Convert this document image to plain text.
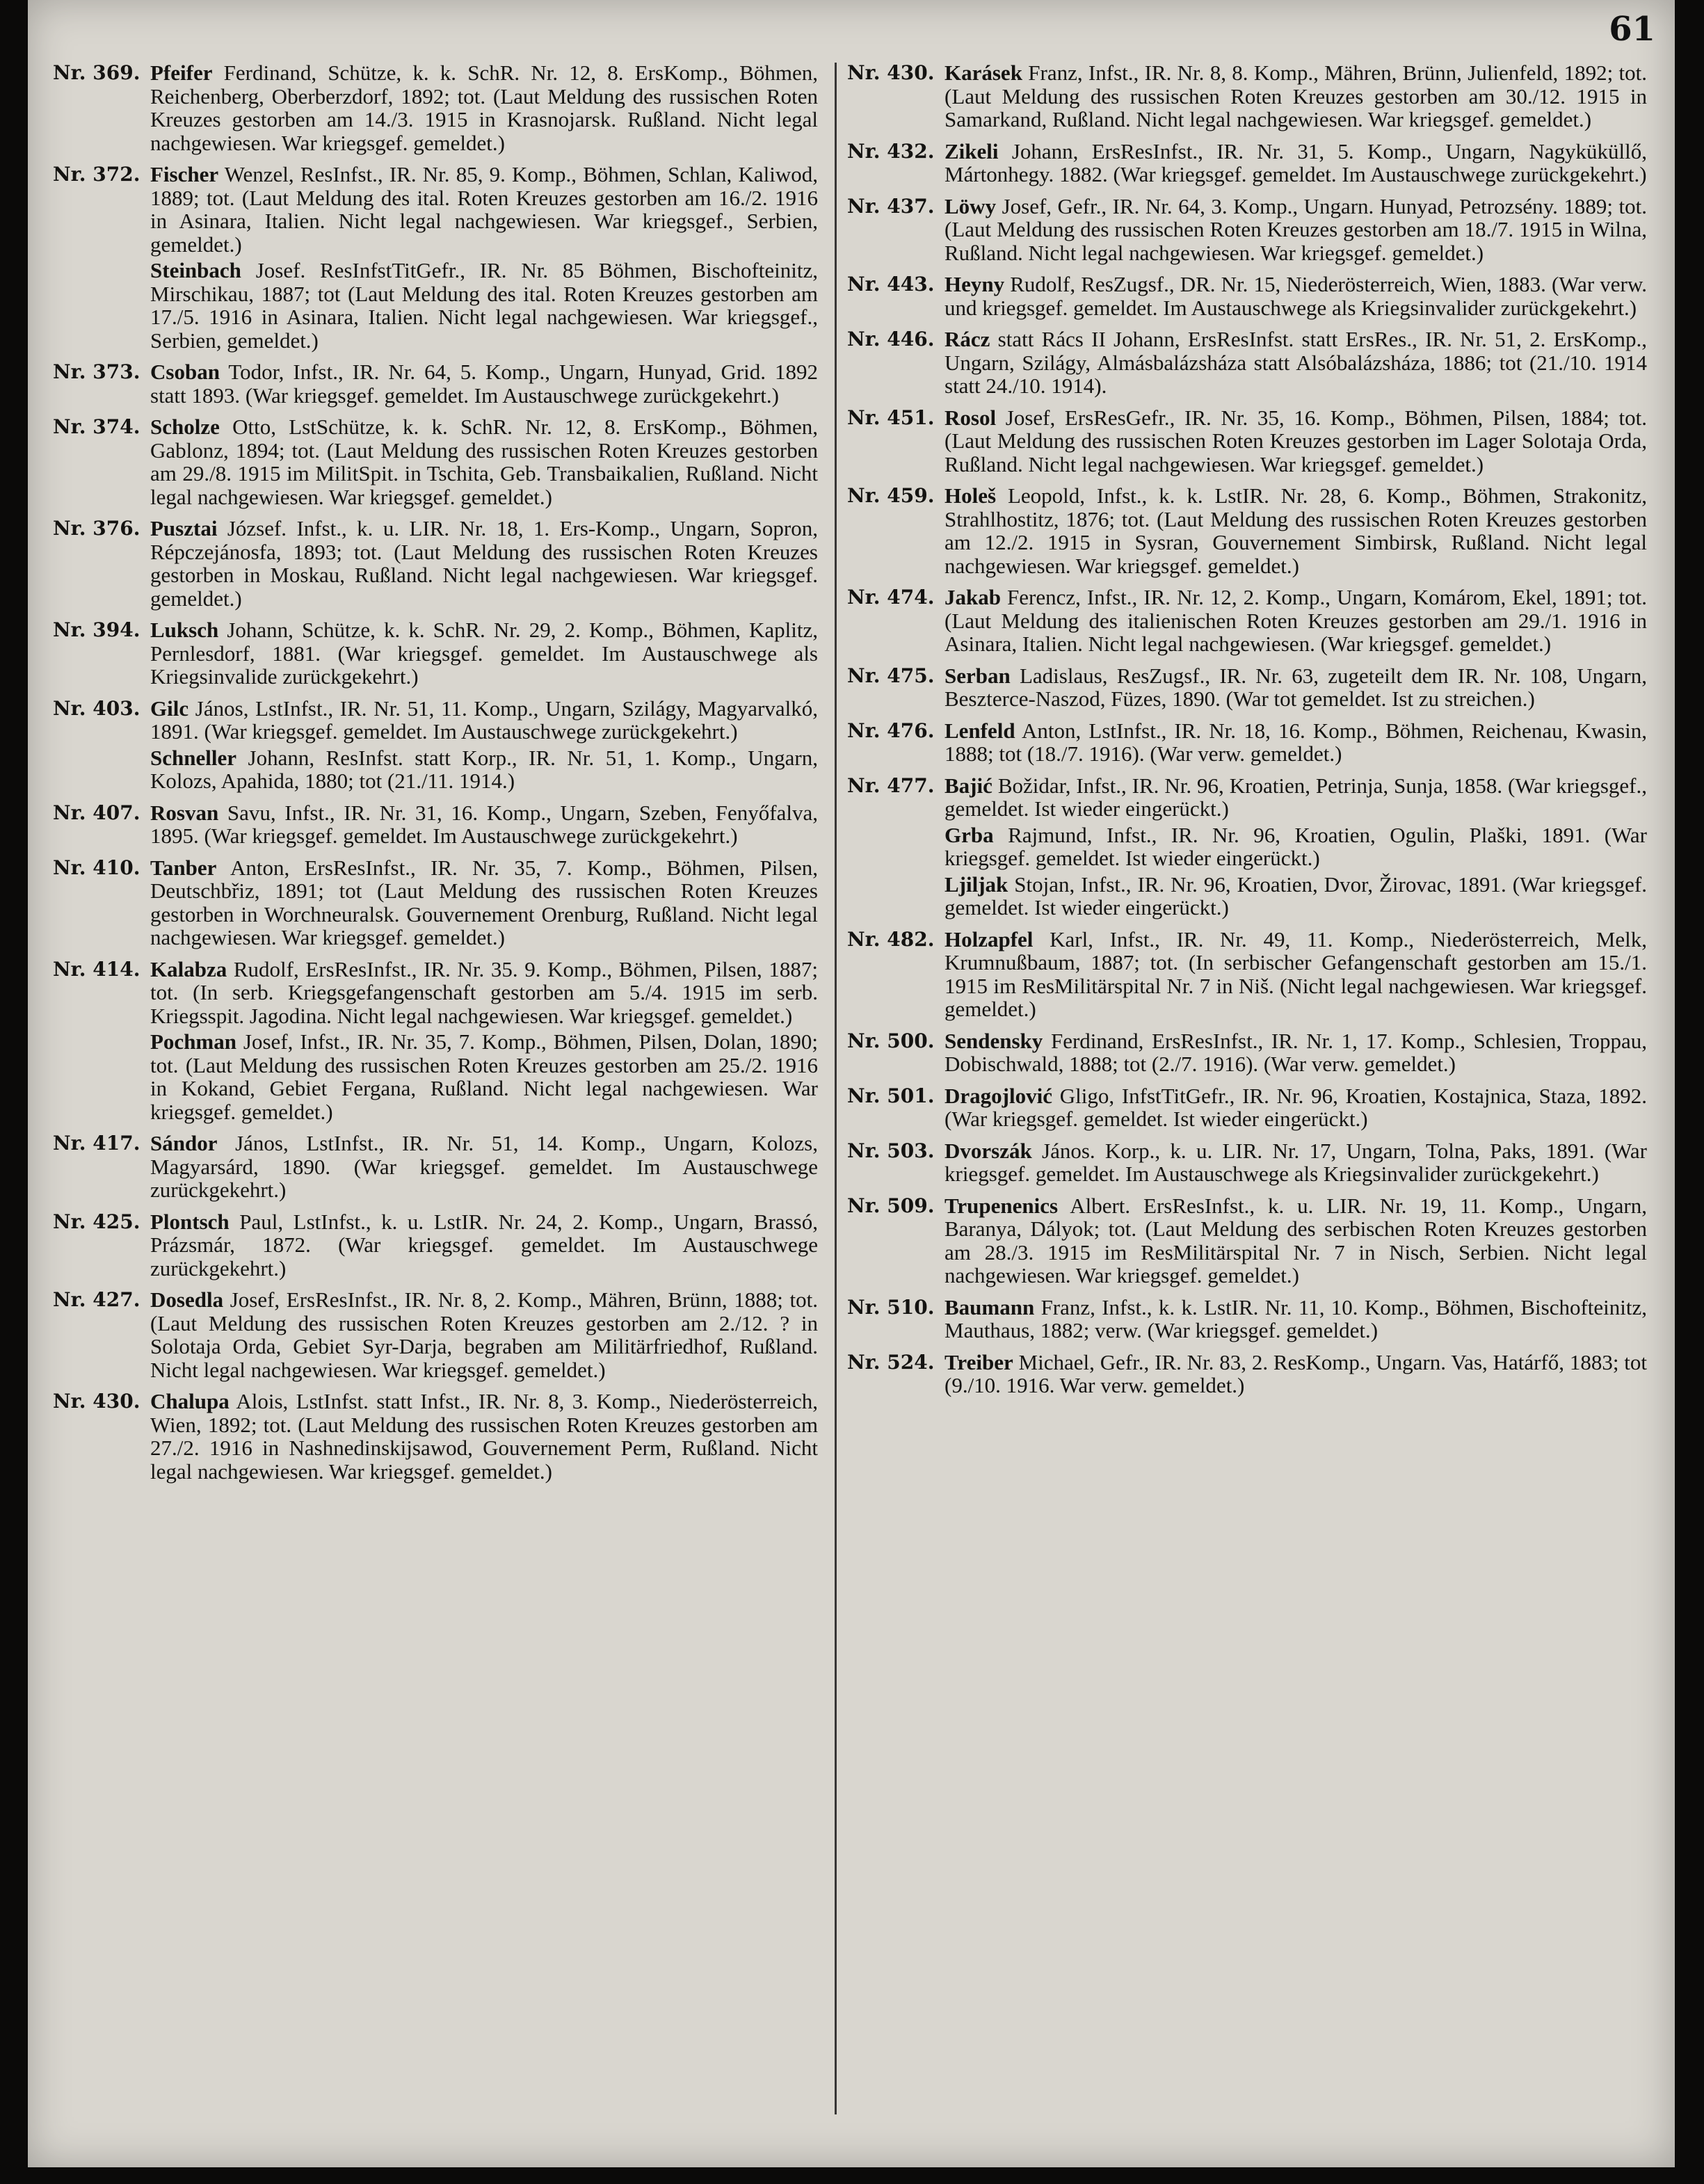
61

Nr. 369. Pfeifer Ferdinand, Schütze, k. k. SchR. Nr. 12, 8. ErsKomp., Böhmen, Reichenberg, Oberberzdorf, 1892; tot. (Laut Meldung des russischen Roten Kreuzes gestorben am 14./3. 1915 in Krasnojarsk. Rußland. Nicht legal nachgewiesen. War kriegsgef. gemeldet.)

Nr. 372. Fischer Wenzel, ResInfst., IR. Nr. 85, 9. Komp., Böhmen, Schlan, Kaliwod, 1889; tot. (Laut Meldung des ital. Roten Kreuzes gestorben am 16./2. 1916 in Asinara, Italien. Nicht legal nachgewiesen. War kriegsgef., Serbien, gemeldet.)

Steinbach Josef. ResInfstTitGefr., IR. Nr. 85 Böhmen, Bischofteinitz, Mirschikau, 1887; tot (Laut Meldung des ital. Roten Kreuzes gestorben am 17./5. 1916 in Asinara, Italien. Nicht legal nachgewiesen. War kriegsgef., Serbien, gemeldet.)

Nr. 373. Csoban Todor, Infst., IR. Nr. 64, 5. Komp., Ungarn, Hunyad, Grid. 1892 statt 1893. (War kriegsgef. gemeldet. Im Austauschwege zurückgekehrt.)

Nr. 374. Scholze Otto, LstSchütze, k. k. SchR. Nr. 12, 8. ErsKomp., Böhmen, Gablonz, 1894; tot. (Laut Meldung des russischen Roten Kreuzes gestorben am 29./8. 1915 im MilitSpit. in Tschita, Geb. Transbaikalien, Rußland. Nicht legal nachgewiesen. War kriegsgef. gemeldet.)

Nr. 376. Pusztai József. Infst., k. u. LIR. Nr. 18, 1. Ers-Komp., Ungarn, Sopron, Répczejánosfa, 1893; tot. (Laut Meldung des russischen Roten Kreuzes gestorben in Moskau, Rußland. Nicht legal nachgewiesen. War kriegsgef. gemeldet.)

Nr. 394. Luksch Johann, Schütze, k. k. SchR. Nr. 29, 2. Komp., Böhmen, Kaplitz, Pernlesdorf, 1881. (War kriegsgef. gemeldet. Im Austauschwege als Kriegsinvalide zurückgekehrt.)

Nr. 403. Gilc János, LstInfst., IR. Nr. 51, 11. Komp., Ungarn, Szilágy, Magyarvalkó, 1891. (War kriegsgef. gemeldet. Im Austauschwege zurückgekehrt.)

Schneller Johann, ResInfst. statt Korp., IR. Nr. 51, 1. Komp., Ungarn, Kolozs, Apahida, 1880; tot (21./11. 1914.)

Nr. 407. Rosvan Savu, Infst., IR. Nr. 31, 16. Komp., Ungarn, Szeben, Fenyőfalva, 1895. (War kriegsgef. gemeldet. Im Austauschwege zurückgekehrt.)

Nr. 410. Tanber Anton, ErsResInfst., IR. Nr. 35, 7. Komp., Böhmen, Pilsen, Deutschbřiz, 1891; tot (Laut Meldung des russischen Roten Kreuzes gestorben in Worchneuralsk. Gouvernement Orenburg, Rußland. Nicht legal nachgewiesen. War kriegsgef. gemeldet.)

Nr. 414. Kalabza Rudolf, ErsResInfst., IR. Nr. 35. 9. Komp., Böhmen, Pilsen, 1887; tot. (In serb. Kriegsgefangenschaft gestorben am 5./4. 1915 im serb. Kriegsspit. Jagodina. Nicht legal nachgewiesen. War kriegsgef. gemeldet.)

Pochman Josef, Infst., IR. Nr. 35, 7. Komp., Böhmen, Pilsen, Dolan, 1890; tot. (Laut Meldung des russischen Roten Kreuzes gestorben am 25./2. 1916 in Kokand, Gebiet Fergana, Rußland. Nicht legal nachgewiesen. War kriegsgef. gemeldet.)

Nr. 417. Sándor János, LstInfst., IR. Nr. 51, 14. Komp., Ungarn, Kolozs, Magyarsárd, 1890. (War kriegsgef. gemeldet. Im Austauschwege zurückgekehrt.)

Nr. 425. Plontsch Paul, LstInfst., k. u. LstIR. Nr. 24, 2. Komp., Ungarn, Brassó, Prázsmár, 1872. (War kriegsgef. gemeldet. Im Austauschwege zurückgekehrt.)

Nr. 427. Dosedla Josef, ErsResInfst., IR. Nr. 8, 2. Komp., Mähren, Brünn, 1888; tot. (Laut Meldung des russischen Roten Kreuzes gestorben am 2./12. ? in Solotaja Orda, Gebiet Syr-Darja, begraben am Militärfriedhof, Rußland. Nicht legal nachgewiesen. War kriegsgef. gemeldet.)

Nr. 430. Chalupa Alois, LstInfst. statt Infst., IR. Nr. 8, 3. Komp., Niederösterreich, Wien, 1892; tot. (Laut Meldung des russischen Roten Kreuzes gestorben am 27./2. 1916 in Nashnedinskijsawod, Gouvernement Perm, Rußland. Nicht legal nachgewiesen. War kriegsgef. gemeldet.)

Nr. 430. Karásek Franz, Infst., IR. Nr. 8, 8. Komp., Mähren, Brünn, Julienfeld, 1892; tot. (Laut Meldung des russischen Roten Kreuzes gestorben am 30./12. 1915 in Samarkand, Rußland. Nicht legal nachgewiesen. War kriegsgef. gemeldet.)

Nr. 432. Zikeli Johann, ErsResInfst., IR. Nr. 31, 5. Komp., Ungarn, Nagyküküllő, Mártonhegy. 1882. (War kriegsgef. gemeldet. Im Austauschwege zurückgekehrt.)

Nr. 437. Löwy Josef, Gefr., IR. Nr. 64, 3. Komp., Ungarn. Hunyad, Petrozsény. 1889; tot. (Laut Meldung des russischen Roten Kreuzes gestorben am 18./7. 1915 in Wilna, Rußland. Nicht legal nachgewiesen. War kriegsgef. gemeldet.)

Nr. 443. Heyny Rudolf, ResZugsf., DR. Nr. 15, Niederösterreich, Wien, 1883. (War verw. und kriegsgef. gemeldet. Im Austauschwege als Kriegsinvalider zurückgekehrt.)

Nr. 446. Rácz statt Rács II Johann, ErsResInfst. statt ErsRes., IR. Nr. 51, 2. ErsKomp., Ungarn, Szilágy, Almásbalázsháza statt Alsóbalázsháza, 1886; tot (21./10. 1914 statt 24./10. 1914).

Nr. 451. Rosol Josef, ErsResGefr., IR. Nr. 35, 16. Komp., Böhmen, Pilsen, 1884; tot. (Laut Meldung des russischen Roten Kreuzes gestorben im Lager Solotaja Orda, Rußland. Nicht legal nachgewiesen. War kriegsgef. gemeldet.)

Nr. 459. Holeš Leopold, Infst., k. k. LstIR. Nr. 28, 6. Komp., Böhmen, Strakonitz, Strahlhostitz, 1876; tot. (Laut Meldung des russischen Roten Kreuzes gestorben am 12./2. 1915 in Sysran, Gouvernement Simbirsk, Rußland. Nicht legal nachgewiesen. War kriegsgef. gemeldet.)

Nr. 474. Jakab Ferencz, Infst., IR. Nr. 12, 2. Komp., Ungarn, Komárom, Ekel, 1891; tot. (Laut Meldung des italienischen Roten Kreuzes gestorben am 29./1. 1916 in Asinara, Italien. Nicht legal nachgewiesen. (War kriegsgef. gemeldet.)

Nr. 475. Serban Ladislaus, ResZugsf., IR. Nr. 63, zugeteilt dem IR. Nr. 108, Ungarn, Beszterce-Naszod, Füzes, 1890. (War tot gemeldet. Ist zu streichen.)

Nr. 476. Lenfeld Anton, LstInfst., IR. Nr. 18, 16. Komp., Böhmen, Reichenau, Kwasin, 1888; tot (18./7. 1916). (War verw. gemeldet.)

Nr. 477. Bajić Božidar, Infst., IR. Nr. 96, Kroatien, Petrinja, Sunja, 1858. (War kriegsgef., gemeldet. Ist wieder eingerückt.)

Grba Rajmund, Infst., IR. Nr. 96, Kroatien, Ogulin, Plaški, 1891. (War kriegsgef. gemeldet. Ist wieder eingerückt.)

Ljiljak Stojan, Infst., IR. Nr. 96, Kroatien, Dvor, Žirovac, 1891. (War kriegsgef. gemeldet. Ist wieder eingerückt.)

Nr. 482. Holzapfel Karl, Infst., IR. Nr. 49, 11. Komp., Niederösterreich, Melk, Krumnußbaum, 1887; tot. (In serbischer Gefangenschaft gestorben am 15./1. 1915 im ResMilitärspital Nr. 7 in Niš. (Nicht legal nachgewiesen. War kriegsgef. gemeldet.)

Nr. 500. Sendensky Ferdinand, ErsResInfst., IR. Nr. 1, 17. Komp., Schlesien, Troppau, Dobischwald, 1888; tot (2./7. 1916). (War verw. gemeldet.)

Nr. 501. Dragojlović Gligo, InfstTitGefr., IR. Nr. 96, Kroatien, Kostajnica, Staza, 1892. (War kriegsgef. gemeldet. Ist wieder eingerückt.)

Nr. 503. Dvorszák János. Korp., k. u. LIR. Nr. 17, Ungarn, Tolna, Paks, 1891. (War kriegsgef. gemeldet. Im Austauschwege als Kriegsinvalider zurückgekehrt.)

Nr. 509. Trupenenics Albert. ErsResInfst., k. u. LIR. Nr. 19, 11. Komp., Ungarn, Baranya, Dályok; tot. (Laut Meldung des serbischen Roten Kreuzes gestorben am 28./3. 1915 im ResMilitärspital Nr. 7 in Nisch, Serbien. Nicht legal nachgewiesen. War kriegsgef. gemeldet.)

Nr. 510. Baumann Franz, Infst., k. k. LstIR. Nr. 11, 10. Komp., Böhmen, Bischofteinitz, Mauthaus, 1882; verw. (War kriegsgef. gemeldet.)

Nr. 524. Treiber Michael, Gefr., IR. Nr. 83, 2. ResKomp., Ungarn. Vas, Határfő, 1883; tot (9./10. 1916. War verw. gemeldet.)
